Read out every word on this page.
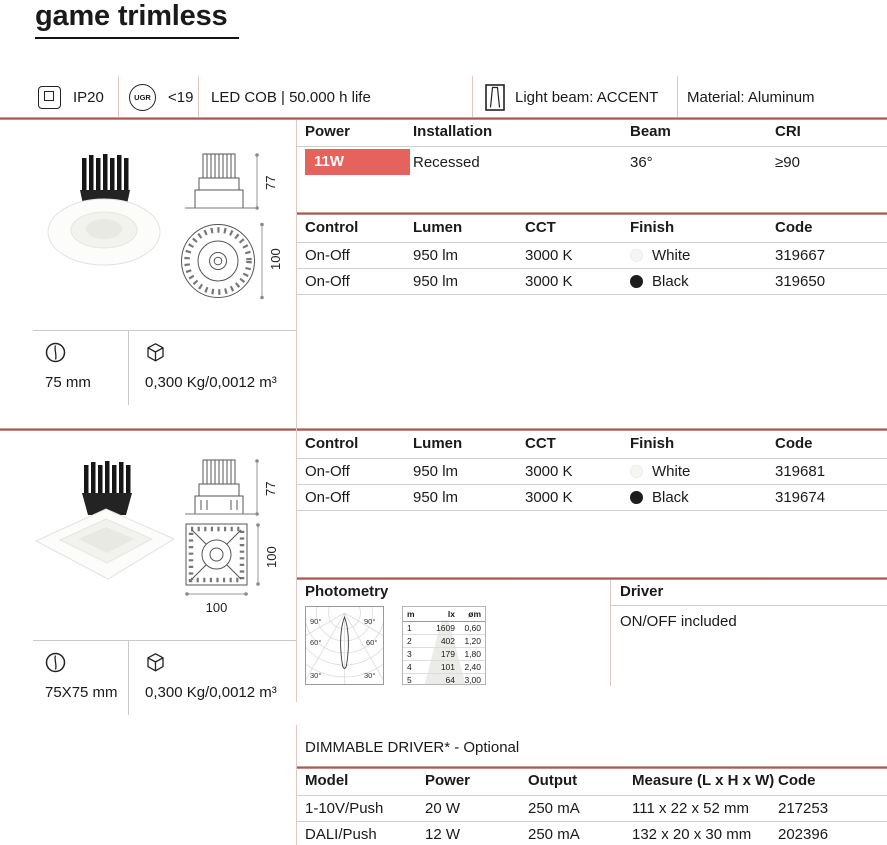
game trimless
IP20	UGR	<19 LED COB | 50.000 h life	Light beam: ACCENT Material: Aluminum
77
100
75 mm	0,300 Kg/0,0012 m³
Power	Installation	Beam	CRI

11W	Recessed	36°	≥90
Control	Lumen	CCT	Finish	Code
On-Off	950 lm	3000 K	White	319667
On-Off	950 lm	3000 K	Black	319650
77
100
100
75X75 mm	0,300 Kg/0,0012 m³
Control	Lumen	CCT	Finish	Code
On-Off	950 lm	3000 K	White	319681
On-Off	950 lm	3000 K	Black	319674
Photometry
90°	90°
60°	60°
30°	30°
m	lx	øm
1	1609	0,60
2	402	1,20
3	179	1,80
4	101	2,40
5	64	3,00
Driver
ON/OFF included
DIMMABLE DRIVER* - Optional
Model	Power	Output	Measure (L x H x W)	Code
1-10V/Push	20 W	250 mA	111 x 22 x 52 mm	217253
DALI/Push	12 W	250 mA	132 x 20 x 30 mm	202396
